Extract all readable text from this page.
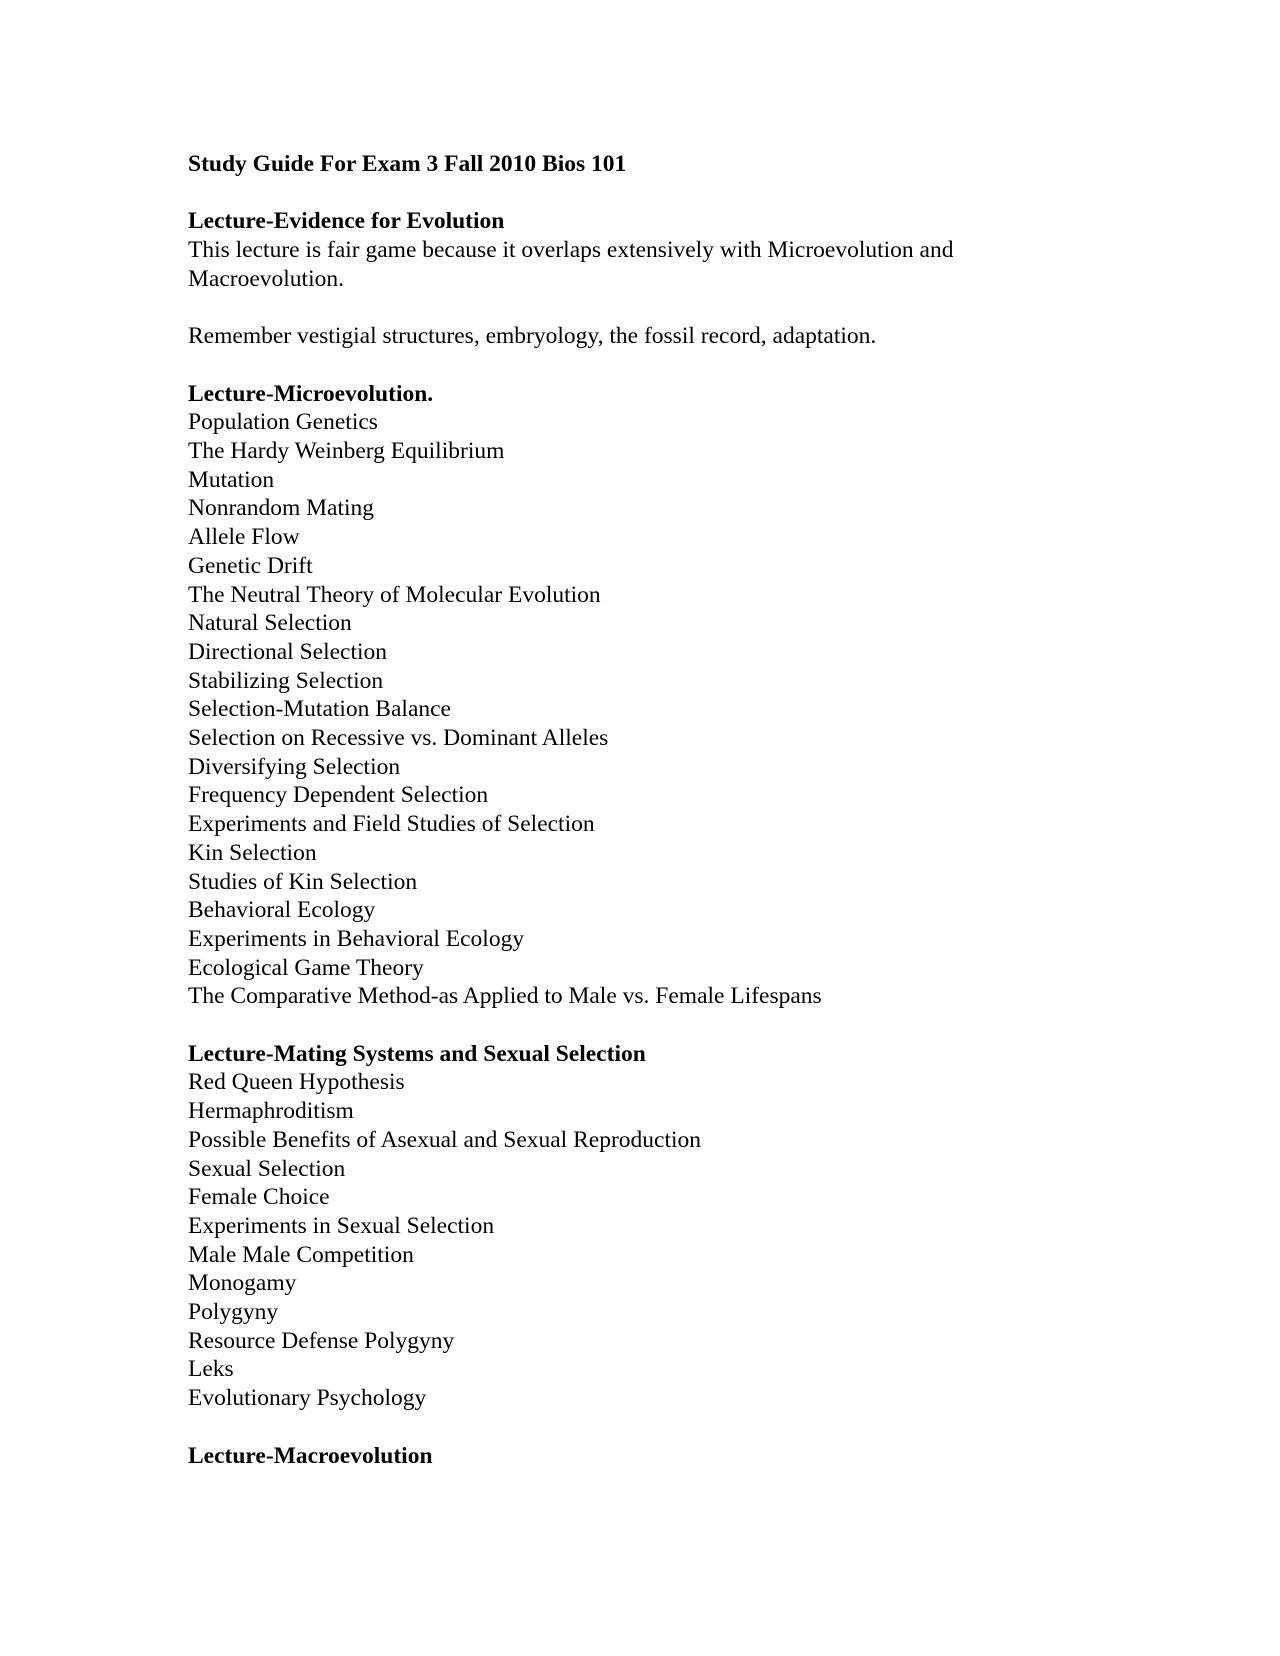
Study Guide For Exam 3 Fall 2010 Bios 101
Lecture-Evidence for Evolution
This lecture is fair game because it overlaps extensively with Microevolution and
Macroevolution.
Remember vestigial structures, embryology, the fossil record, adaptation.
Lecture-Microevolution.
Population Genetics
The Hardy Weinberg Equilibrium
Mutation
Nonrandom Mating
Allele Flow
Genetic Drift
The Neutral Theory of Molecular Evolution
Natural Selection
Directional Selection
Stabilizing Selection
Selection-Mutation Balance
Selection on Recessive vs. Dominant Alleles
Diversifying Selection
Frequency Dependent Selection
Experiments and Field Studies of Selection
Kin Selection
Studies of Kin Selection
Behavioral Ecology
Experiments in Behavioral Ecology
Ecological Game Theory
The Comparative Method-as Applied to Male vs. Female Lifespans
Lecture-Mating Systems and Sexual Selection
Red Queen Hypothesis
Hermaphroditism
Possible Benefits of Asexual and Sexual Reproduction
Sexual Selection
Female Choice
Experiments in Sexual Selection
Male Male Competition
Monogamy
Polygyny
Resource Defense Polygyny
Leks
Evolutionary Psychology
Lecture-Macroevolution
